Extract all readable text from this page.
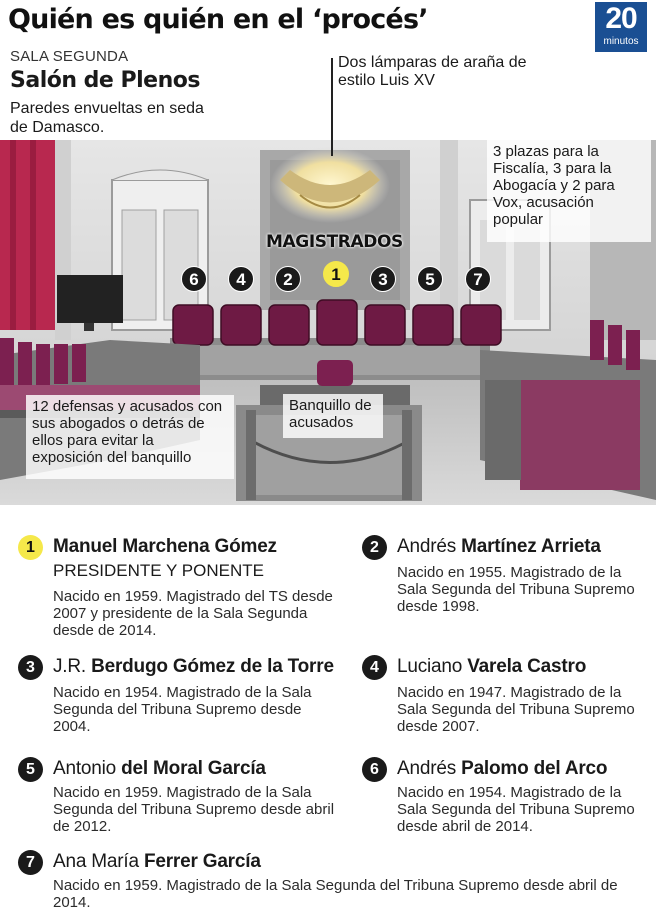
Quién es quién en el ‘procés’	20
minutos
SALA SEGUNDA
Salón de Plenos
Paredes envueltas en seda de Damasco.
Dos lámparas de araña de estilo Luis XV
3 plazas para la Fiscalía, 3 para la Abogacía y 2 para Vox, acusación popular
12 defensas y acusados con sus abogados o detrás de ellos para evitar la exposición del banquillo
Banquillo de acusados
MAGISTRADOS
6	4	2	1	3	5	7
1 Manuel Marchena Gómez
PRESIDENTE Y PONENTE
Nacido en 1959. Magistrado del TS desde 2007 y presidente de la Sala Segunda desde de 2014.
2 Andrés Martínez Arrieta
Nacido en 1955. Magistrado de la Sala Segunda del Tribuna Supremo desde 1998.
3 J.R. Berdugo Gómez de la Torre
Nacido en 1954. Magistrado de la Sala Segunda del Tribuna Supremo desde 2004.
4 Luciano Varela Castro
Nacido en 1947. Magistrado de la Sala Segunda del Tribuna Supremo desde 2007.
5 Antonio del Moral García
Nacido en 1959. Magistrado de la Sala Segunda del Tribuna Supremo desde abril de 2012.
6 Andrés Palomo del Arco
Nacido en 1954. Magistrado de la Sala Segunda del Tribuna Supremo desde abril de 2014.
7 Ana María Ferrer García
Nacido en 1959. Magistrado de la Sala Segunda del Tribuna Supremo desde abril de 2014.
